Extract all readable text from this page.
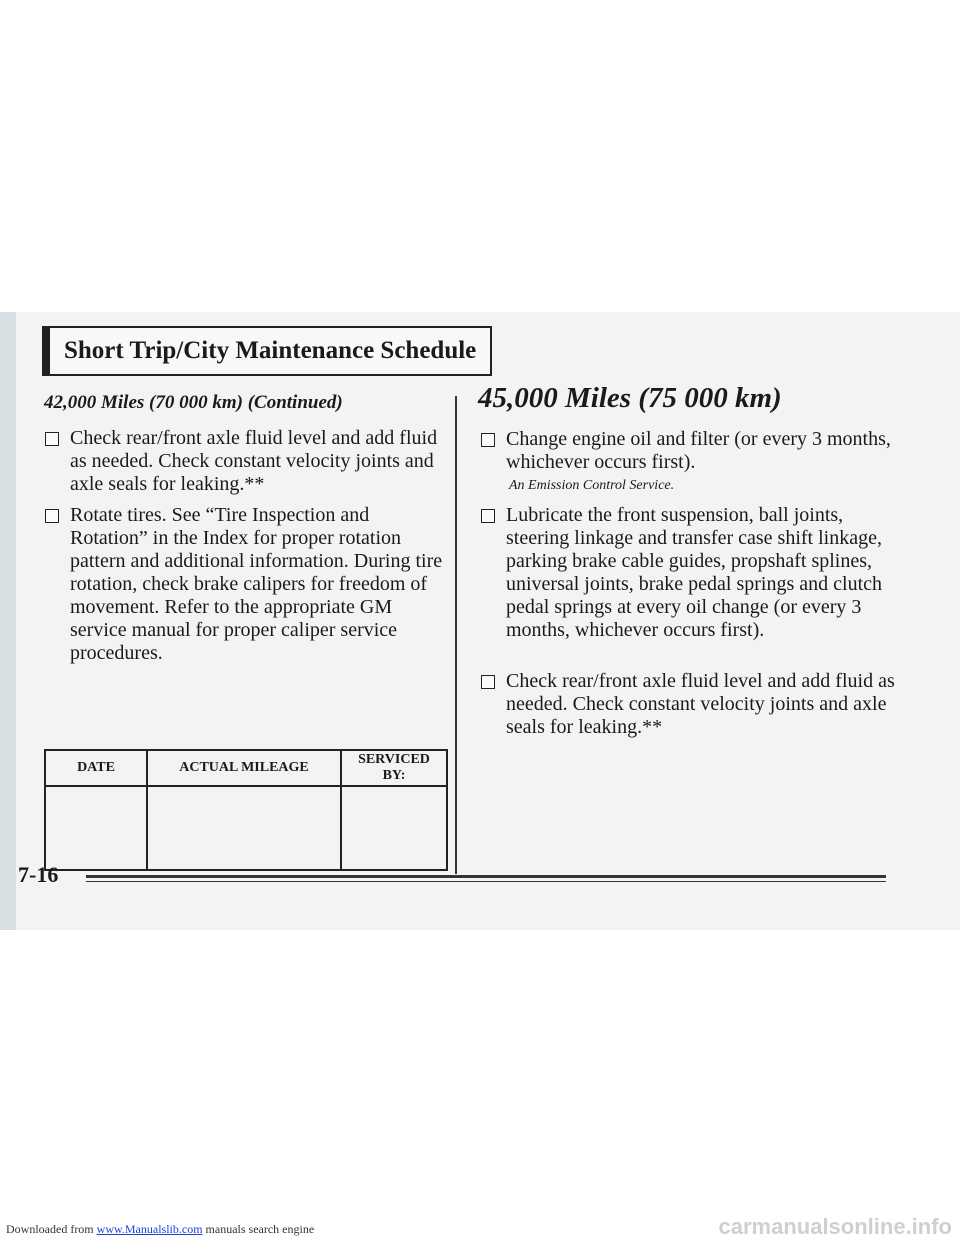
Short Trip/City Maintenance Schedule
42,000 Miles (70 000 km) (Continued)	45,000 Miles (75 000 km)
Check rear/front axle fluid level and add fluid as needed. Check constant velocity joints and axle seals for leaking.**
Rotate tires. See “Tire Inspection and Rotation” in the Index for proper rotation pattern and additional information. During tire rotation, check brake calipers for freedom of movement. Refer to the appropriate GM service manual for proper caliper service procedures.
Change engine oil and filter (or every 3 months, whichever occurs first).
An Emission Control Service.
Lubricate the front suspension, ball joints, steering linkage and transfer case shift linkage, parking brake cable guides, propshaft splines, universal joints, brake pedal springs and clutch pedal springs at every oil change (or every 3 months, whichever occurs first).
Check rear/front axle fluid level and add fluid as needed. Check constant velocity joints and axle seals for leaking.**
DATE	ACTUAL MILEAGE	SERVICED BY:

7-16
Downloaded from www.Manualslib.com manuals search engine	carmanualsonline.info
